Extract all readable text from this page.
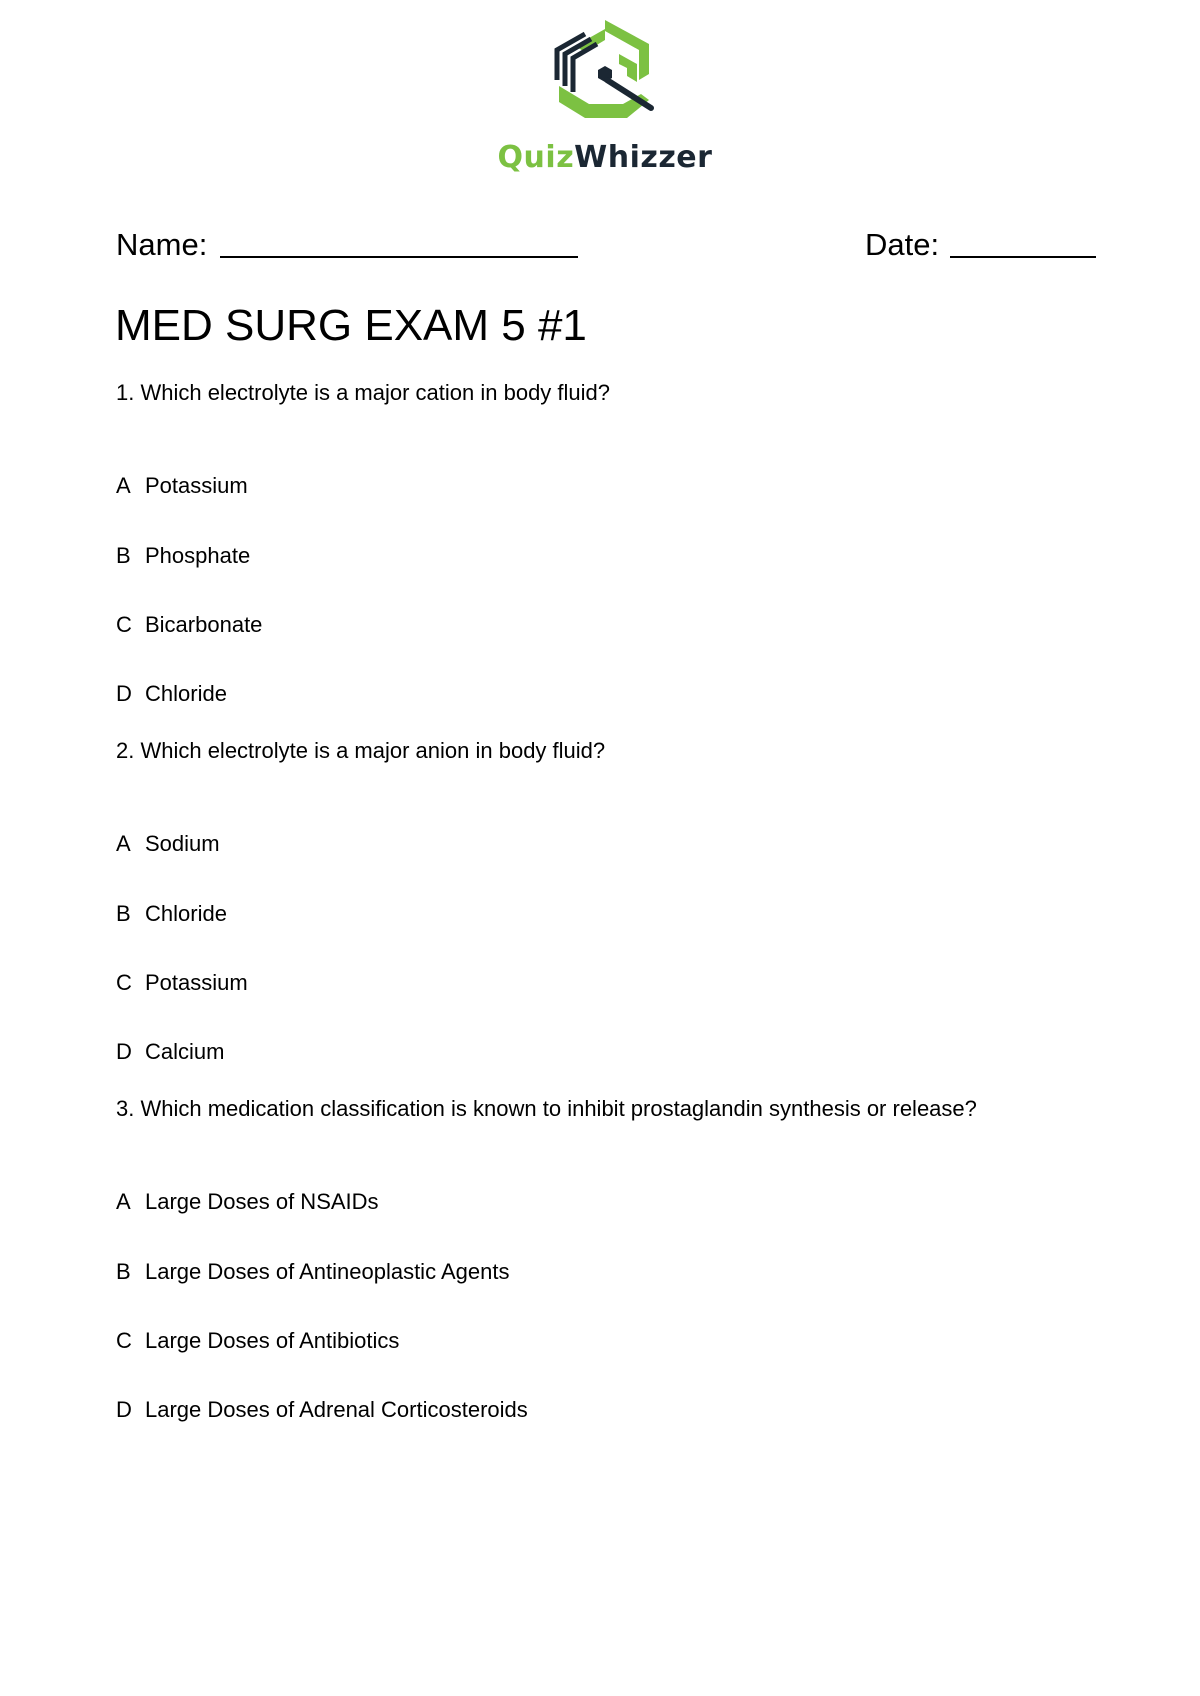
QuizWhizzer
Name:	Date:
MED SURG EXAM 5 #1
1. Which electrolyte is a major cation in body fluid?
A Potassium
B Phosphate
C Bicarbonate
D Chloride
2. Which electrolyte is a major anion in body fluid?
A Sodium
B Chloride
C Potassium
D Calcium
3. Which medication classification is known to inhibit prostaglandin synthesis or release?
A Large Doses of NSAIDs
B Large Doses of Antineoplastic Agents
C Large Doses of Antibiotics
D Large Doses of Adrenal Corticosteroids
